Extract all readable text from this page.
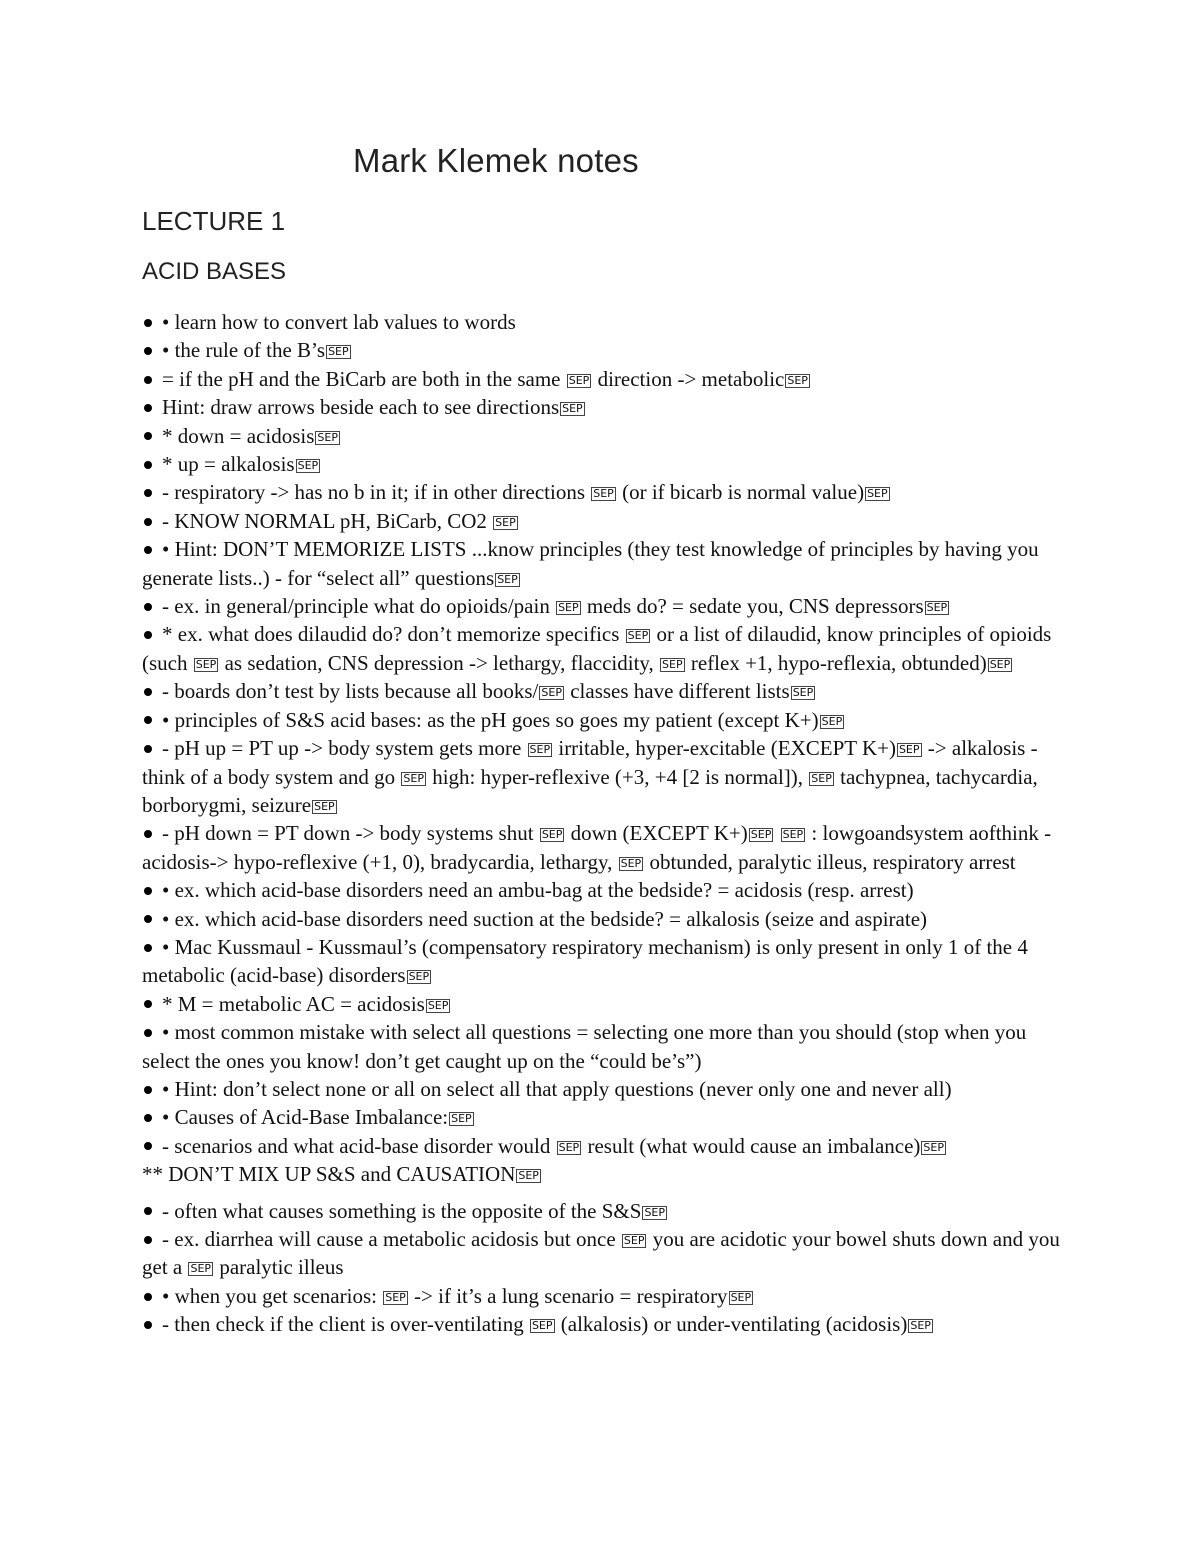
Mark Klemek notes
LECTURE 1
ACID BASES
• learn how to convert lab values to words
• the rule of the B’s SEP
= if the pH and the BiCarb are both in the same SEP direction -> metabolic SEP
Hint: draw arrows beside each to see directions SEP
* down = acidosis SEP
* up = alkalosis SEP
- respiratory -> has no b in it; if in other directions SEP (or if bicarb is normal value) SEP
- KNOW NORMAL pH, BiCarb, CO2 SEP
• Hint: DON’T MEMORIZE LISTS ...know principles (they test knowledge of principles by having you generate lists..) - for “select all” questions SEP
- ex. in general/principle what do opioids/pain SEP meds do? = sedate you, CNS depressors SEP
* ex. what does dilaudid do? don’t memorize specifics SEP or a list of dilaudid, know principles of opioids (such SEP as sedation, CNS depression -> lethargy, flaccidity, SEP reflex +1, hypo-reflexia, obtunded) SEP
- boards don’t test by lists because all books/ SEP classes have different lists SEP
• principles of S&S acid bases: as the pH goes so goes my patient (except K+) SEP
- pH up = PT up -> body system gets more SEP irritable, hyper-excitable (EXCEPT K+) SEP -> alkalosis - think of a body system and go SEP high: hyper-reflexive (+3, +4 [2 is normal]), SEP tachypnea, tachycardia, borborygmi, seizure SEP
- pH down = PT down -> body systems shut SEP down (EXCEPT K+) SEP SEP : lowgoandsystem aofthink - acidosis-> hypo-reflexive (+1, 0), bradycardia, lethargy, SEP obtunded, paralytic illeus, respiratory arrest
• ex. which acid-base disorders need an ambu-bag at the bedside? = acidosis (resp. arrest)
• ex. which acid-base disorders need suction at the bedside? = alkalosis (seize and aspirate)
• Mac Kussmaul - Kussmaul’s (compensatory respiratory mechanism) is only present in only 1 of the 4 metabolic (acid-base) disorders SEP
* M = metabolic AC = acidosis SEP
• most common mistake with select all questions = selecting one more than you should (stop when you select the ones you know! don’t get caught up on the “could be’s”)
• Hint: don’t select none or all on select all that apply questions (never only one and never all)
• Causes of Acid-Base Imbalance: SEP
- scenarios and what acid-base disorder would SEP result (what would cause an imbalance) SEP
** DON’T MIX UP S&S and CAUSATION SEP
- often what causes something is the opposite of the S&S SEP
- ex. diarrhea will cause a metabolic acidosis but once SEP you are acidotic your bowel shuts down and you get a SEP paralytic illeus
• when you get scenarios: SEP -> if it’s a lung scenario = respiratory SEP
- then check if the client is over-ventilating SEP (alkalosis) or under-ventilating (acidosis) SEP
